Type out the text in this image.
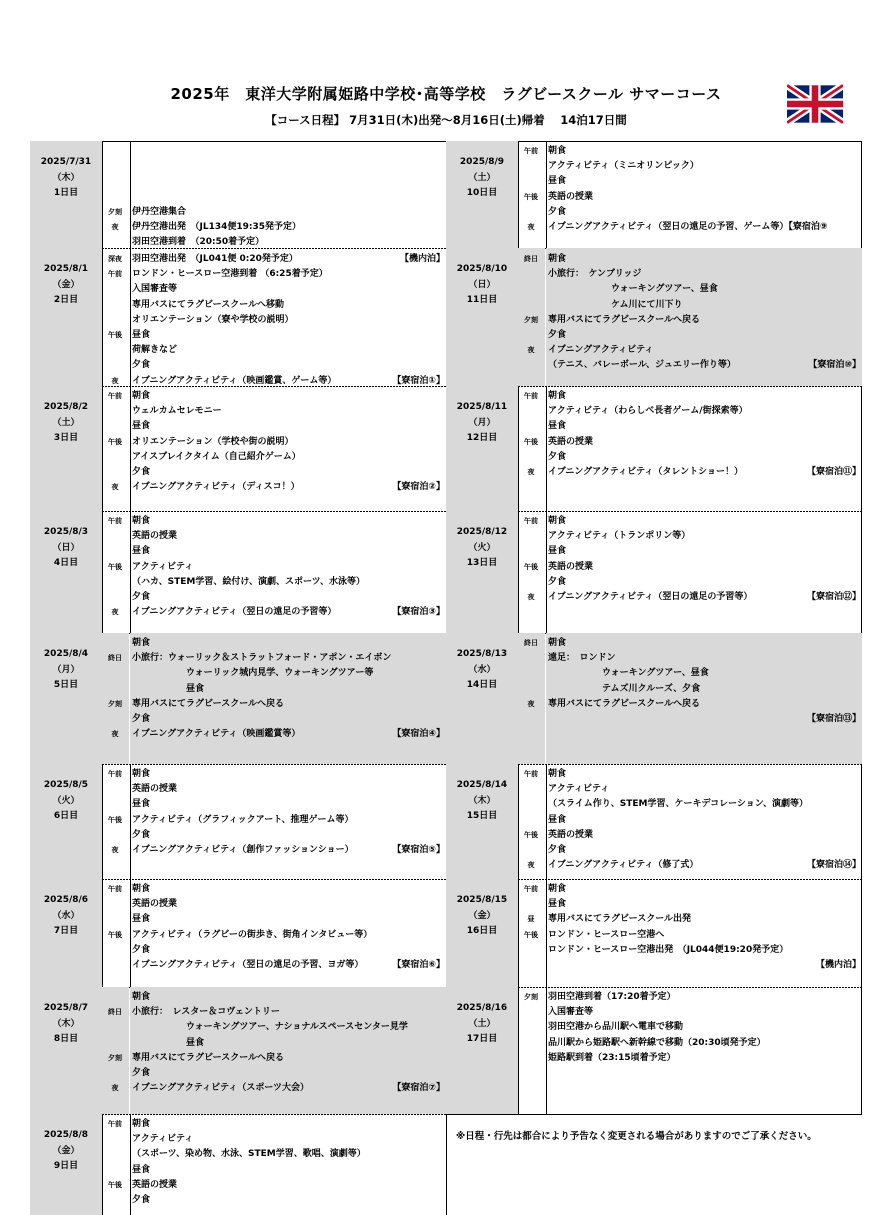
2025年　東洋大学附属姫路中学校･高等学校　ラグビースクール サマーコース
【コース日程】 7月31日(木)出発～8月16日(土)帰着　 14泊17日間
2025/7/31
（木）
1日目
夕刻	伊丹空港集合
夜	伊丹空港出発　（JL134便19:35発予定）
羽田空港到着　（20:50着予定）
2025/8/1
（金）
2日目
深夜	羽田空港出発　（JL041便 0:20発予定）	【機内泊】
午前	ロンドン・ヒースロー空港到着 （6:25着予定）
入国審査等
専用バスにてラグビースクールへ移動
オリエンテーション（寮や学校の説明）
午後	昼食
荷解きなど
夕食
夜	イブニングアクティビティ（映画鑑賞、ゲーム等）	【寮宿泊①】
2025/8/2
（土）
3日目
午前	朝食
ウェルカムセレモニー
昼食
午後	オリエンテーション（学校や街の説明）
アイスブレイクタイム（自己紹介ゲーム）
夕食
夜	イブニングアクティビティ（ディスコ！）	【寮宿泊②】
2025/8/3
（日）
4日目
午前	朝食
英語の授業
昼食
午後	アクティビティ
（ハカ、STEM学習、絵付け、演劇、スポーツ、水泳等）
夕食
夜	イブニングアクティビティ（翌日の遠足の予習等）	【寮宿泊③】
2025/8/4
（月）
5日目
朝食
終日	小旅行：ウォーリック＆ストラットフォード・アポン・エイボン
　　　　　　ウォーリック城内見学、ウォーキングツアー等
　　　　　　昼食
夕刻	専用バスにてラグビースクールへ戻る
夕食
夜	イブニングアクティビティ（映画鑑賞等）	【寮宿泊④】
2025/8/5
（火）
6日目
午前	朝食
英語の授業
昼食
午後	アクティビティ（グラフィックアート、推理ゲーム等）
夕食
夜	イブニングアクティビティ（創作ファッションショー）	【寮宿泊⑤】
2025/8/6
（水）
7日目
午前	朝食
英語の授業
昼食
午後	アクティビティ（ラグビーの街歩き、街角インタビュー等）
夕食
イブニングアクティビティ（翌日の遠足の予習、ヨガ等）	【寮宿泊⑥】
2025/8/7
（木）
8日目
朝食
終日	小旅行：　レスター＆コヴェントリー
　　　　　　ウォーキングツアー、ナショナルスペースセンター見学
　　　　　　昼食
夕刻	専用バスにてラグビースクールへ戻る
夕食
夜	イブニングアクティビティ（スポーツ大会）	【寮宿泊⑦】
2025/8/8
（金）
9日目
午前	朝食
アクティビティ
（スポーツ、染め物、水泳、STEM学習、歌唱、演劇等）
昼食
午後	英語の授業
夕食
2025/8/9
（土）
10日目
午前	朝食
アクティビティ（ミニオリンピック）
昼食
午後	英語の授業
夕食
夜	イブニングアクティビティ（翌日の遠足の予習、ゲーム等）【寮宿泊⑨
2025/8/10
（日）
11日目
終日	朝食
小旅行：　ケンブリッジ
　　　　　　　ウォーキングツアー、昼食
　　　　　　　ケム川にて川下り
夕刻	専用バスにてラグビースクールへ戻る
夕食
夜	イブニングアクティビティ
（テニス、バレーボール、ジュエリー作り等）	【寮宿泊⑩】
2025/8/11
（月）
12日目
午前	朝食
アクティビティ（わらしべ長者ゲーム/街探索等）
昼食
午後	英語の授業
夕食
夜	イブニングアクティビティ（タレントショー！）	【寮宿泊⑪】
2025/8/12
（火）
13日目
午前	朝食
アクティビティ（トランポリン等）
昼食
午後	英語の授業
夕食
夜	イブニングアクティビティ（翌日の遠足の予習等）	【寮宿泊⑫】
2025/8/13
（水）
14日目
終日	朝食
遠足：　ロンドン
　　　　　　ウォーキングツアー、昼食
　　　　　　テムズ川クルーズ、夕食
夜	専用バスにてラグビースクールへ戻る
【寮宿泊⑬】
2025/8/14
（木）
15日目
午前	朝食
アクティビティ
（スライム作り、STEM学習、ケーキデコレーション、演劇等）
昼食
午後	英語の授業
夕食
夜	イブニングアクティビティ（修了式）	【寮宿泊⑭】
2025/8/15
（金）
16日目
午前	朝食
昼食
昼	専用バスにてラグビースクール出発
午後	ロンドン・ヒースロー空港へ
ロンドン・ヒースロー空港出発　（JL044便19:20発予定）
【機内泊】
2025/8/16
（土）
17日目
夕刻	羽田空港到着（17:20着予定）
入国審査等
羽田空港から品川駅へ電車で移動
品川駅から姫路駅へ新幹線で移動（20:30頃発予定）
姫路駅到着（23:15頃着予定）
※日程・行先は都合により予告なく変更される場合がありますのでご了承ください。
